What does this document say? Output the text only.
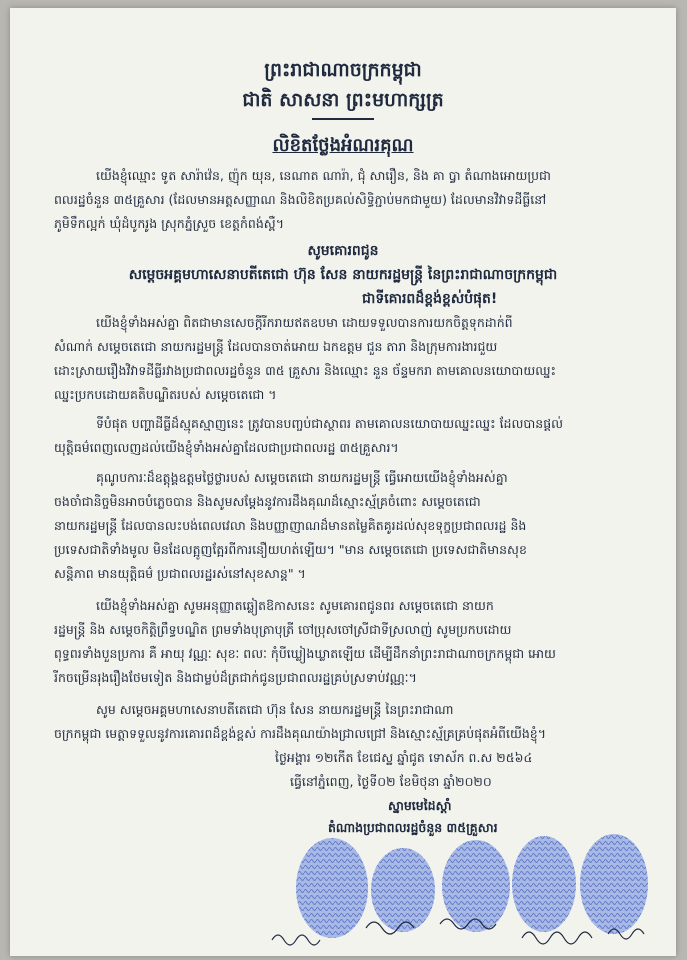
ព្រះរាជាណាចក្រកម្ពុជា
ជាតិ សាសនា ព្រះមហាក្សត្រ
លិខិតថ្លែងអំណរគុណ
យើងខ្ញុំឈ្មោះ ទូត សារ៉ាវ៉េន, ញ៉ុក យុន, នេណាត ណារ៉ា, ជុំ សារឿន, និង គា ប្វា តំណាងអោយប្រជា
ពលរដ្ឋចំនួន ៣៥គ្រួសារ (ដែលមានអត្តសញ្ញាណ និងលិខិតប្រគល់សិទ្ធិភ្ជាប់មកជាមួយ) ដែលមានវិវាទដីធ្លីនៅ
ភូមិទឹកល្អក់ ឃុំដំបូករូង ស្រុកភ្នំស្រួច ខេត្តកំពង់ស្ពឺ។
សូមគោរពជូន
សម្តេចអគ្គមហាសេនាបតីតេជោ ហ៊ុន សែន នាយករដ្ឋមន្ត្រី នៃព្រះរាជាណាចក្រកម្ពុជា
ជាទីគោរពដ៏ខ្ពង់ខ្ពស់បំផុត!
យើងខ្ញុំទាំងអស់គ្នា ពិតជាមានសេចក្តីរីករាយឥតឧបមា ដោយទទួលបានការយកចិត្តទុកដាក់ពី
សំណាក់ សម្តេចតេជោ នាយករដ្ឋមន្ត្រី ដែលបានចាត់អោយ ឯកឧត្តម ជួន តារា និងក្រុមការងារជួយ
ដោះស្រាយរឿងវិវាទដីធ្លីរវាងប្រជាពលរដ្ឋចំនួន ៣៥ គ្រួសារ និងឈ្មោះ នួន ច័ន្ទមករា តាមគោលនយោបាយឈ្នះ
ឈ្នះប្រកបដោយគតិបណ្ឌិតរបស់ សម្តេចតេជោ ។
ទីបំផុត បញ្ហាដីធ្លីដ៏ស្មុគស្មាញនេះ ត្រូវបានបញ្ចប់ជាស្ថាពរ តាមគោលនយោបាយឈ្នះឈ្នះ ដែលបានផ្តល់
យុត្តិធម៌ពេញលេញដល់យើងខ្ញុំទាំងអស់គ្នាដែលជាប្រជាពលរដ្ឋ ៣៥គ្រួសារ។
គុណូបការៈដ៏ឧត្តុង្គឧត្តមថ្លៃថ្លារបស់ សម្តេចតេជោ នាយករដ្ឋមន្ត្រី ធ្វើអោយយើងខ្ញុំទាំងអស់គ្នា
ចងចាំជានិច្ចមិនអាចបំភ្លេចបាន និងសូមសម្តែងនូវការដឹងគុណដ៏ស្មោះស្ម័គ្រចំពោះ សម្តេចតេជោ
នាយករដ្ឋមន្ត្រី ដែលបានលះបង់ពេលវេលា និងបញ្ញាញាណដ៏មានតម្លៃគិតគូរដល់សុខទុក្ខប្រជាពលរដ្ឋ និង
ប្រទេសជាតិទាំងមូល មិនដែលត្អូញត្អែរពីការនឿយហត់ឡើយ។ "មាន សម្តេចតេជោ ប្រទេសជាតិមានសុខ
សន្តិភាព មានយុត្តិធម៌ ប្រជាពលរដ្ឋរស់នៅសុខសាន្ត" ។
យើងខ្ញុំទាំងអស់គ្នា សូមអនុញ្ញាតឆ្លៀតឱកាសនេះ សូមគោរពជូនពរ សម្តេចតេជោ នាយក
រដ្ឋមន្ត្រី និង សម្តេចកិត្តិព្រឹទ្ធបណ្ឌិត ព្រមទាំងបុត្រាបុត្រី ចៅប្រុសចៅស្រីជាទីស្រលាញ់ សូមប្រកបដោយ
ពុទ្ធពរទាំងបួនប្រការ គឺ អាយុ វណ្ណៈ សុខៈ ពលៈ កុំបីឃ្លៀងឃ្លាតឡើយ ដើម្បីដឹកនាំព្រះរាជាណាចក្រកម្ពុជា អោយ
រីកចម្រើនរុងរឿងថែមទៀត និងជាម្លប់ដ៏ត្រជាក់ជូនប្រជាពលរដ្ឋគ្រប់ស្រទាប់វណ្ណៈ។
សូម សម្តេចអគ្គមហាសេនាបតីតេជោ ហ៊ុន សែន នាយករដ្ឋមន្ត្រី នៃព្រះរាជាណា
ចក្រកម្ពុជា មេត្តាទទួលនូវការគោរពដ៏ខ្ពង់ខ្ពស់ ការដឹងគុណយ៉ាងជ្រាលជ្រៅ និងស្មោះស្ម័គ្រគ្រប់ផុតអំពីយើងខ្ញុំ។
ថ្ងៃអង្គារ ១២កើត ខែជេស្ឋ ឆ្នាំជូត ទោស័ក ព.ស ២៥៦៤
ធ្វើនៅភ្នំពេញ, ថ្ងៃទី០២ ខែមិថុនា ឆ្នាំ២០២០
ស្នាមមេដៃស្តាំ
តំណាងប្រជាពលរដ្ឋចំនួន ៣៥គ្រួសារ
